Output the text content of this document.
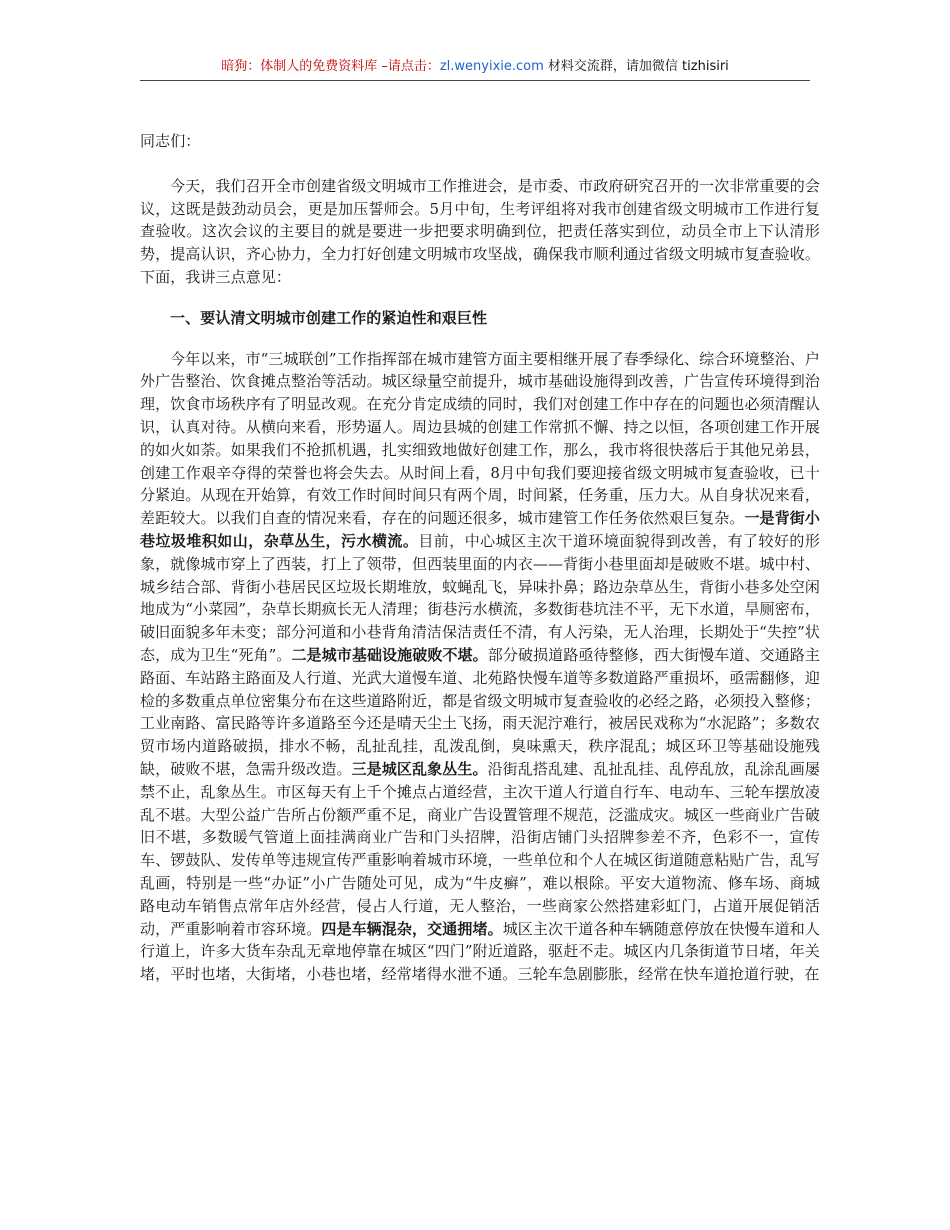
暗狗：体制人的免费资料库 –请点击：zl.wenyixie.com 材料交流群，请加微信 tizhisiri

同志们：

今天，我们召开全市创建省级文明城市工作推进会，是市委、市政府研究召开的一次非常重要的会议，这既是鼓劲动员会，更是加压誓师会。5月中旬，生考评组将对我市创建省级文明城市工作进行复查验收。这次会议的主要目的就是要进一步把要求明确到位，把责任落实到位，动员全市上下认清形势，提高认识，齐心协力，全力打好创建文明城市攻坚战，确保我市顺利通过省级文明城市复查验收。下面，我讲三点意见：

一、要认清文明城市创建工作的紧迫性和艰巨性

今年以来，市“三城联创”工作指挥部在城市建管方面主要相继开展了春季绿化、综合环境整治、户外广告整治、饮食摊点整治等活动。城区绿量空前提升，城市基础设施得到改善，广告宣传环境得到治理，饮食市场秩序有了明显改观。在充分肯定成绩的同时，我们对创建工作中存在的问题也必须清醒认识，认真对待。从横向来看，形势逼人。周边县城的创建工作常抓不懈、持之以恒，各项创建工作开展的如火如荼。如果我们不抢抓机遇，扎实细致地做好创建工作，那么，我市将很快落后于其他兄弟县，创建工作艰辛夺得的荣誉也将会失去。从时间上看，8月中旬我们要迎接省级文明城市复查验收，已十分紧迫。从现在开始算，有效工作时间时间只有两个周，时间紧，任务重，压力大。从自身状况来看，差距较大。以我们自查的情况来看，存在的问题还很多，城市建管工作任务依然艰巨复杂。一是背街小巷垃圾堆积如山，杂草丛生，污水横流。目前，中心城区主次干道环境面貌得到改善，有了较好的形象，就像城市穿上了西装，打上了领带，但西装里面的内衣——背街小巷里面却是破败不堪。城中村、城乡结合部、背街小巷居民区垃圾长期堆放，蚊蝇乱飞，异味扑鼻；路边杂草丛生，背街小巷多处空闲地成为“小菜园”，杂草长期疯长无人清理；街巷污水横流，多数街巷坑洼不平，无下水道，旱厕密布，破旧面貌多年未变；部分河道和小巷背角清洁保洁责任不清，有人污染，无人治理，长期处于“失控”状态，成为卫生“死角”。二是城市基础设施破败不堪。部分破损道路亟待整修，西大街慢车道、交通路主路面、车站路主路面及人行道、光武大道慢车道、北苑路快慢车道等多数道路严重损坏，亟需翻修，迎检的多数重点单位密集分布在这些道路附近，都是省级文明城市复查验收的必经之路，必须投入整修；工业南路、富民路等许多道路至今还是晴天尘土飞扬，雨天泥泞难行，被居民戏称为“水泥路”；多数农贸市场内道路破损，排水不畅，乱扯乱挂，乱泼乱倒，臭味熏天，秩序混乱；城区环卫等基础设施残缺，破败不堪，急需升级改造。三是城区乱象丛生。沿街乱搭乱建、乱扯乱挂、乱停乱放，乱涂乱画屡禁不止，乱象丛生。市区每天有上千个摊点占道经营，主次干道人行道自行车、电动车、三轮车摆放凌乱不堪。大型公益广告所占份额严重不足，商业广告设置管理不规范，泛滥成灾。城区一些商业广告破旧不堪，多数暖气管道上面挂满商业广告和门头招牌，沿街店铺门头招牌参差不齐，色彩不一，宣传车、锣鼓队、发传单等违规宣传严重影响着城市环境，一些单位和个人在城区街道随意粘贴广告，乱写乱画，特别是一些“办证”小广告随处可见，成为“牛皮癣”，难以根除。平安大道物流、修车场、商城路电动车销售点常年店外经营，侵占人行道，无人整治，一些商家公然搭建彩虹门，占道开展促销活动，严重影响着市容环境。四是车辆混杂，交通拥堵。城区主次干道各种车辆随意停放在快慢车道和人行道上，许多大货车杂乱无章地停靠在城区“四门”附近道路，驱赶不走。城区内几条街道节日堵，年关堵，平时也堵，大街堵，小巷也堵，经常堵得水泄不通。三轮车急剧膨胀，经常在快车道抢道行驶，在
